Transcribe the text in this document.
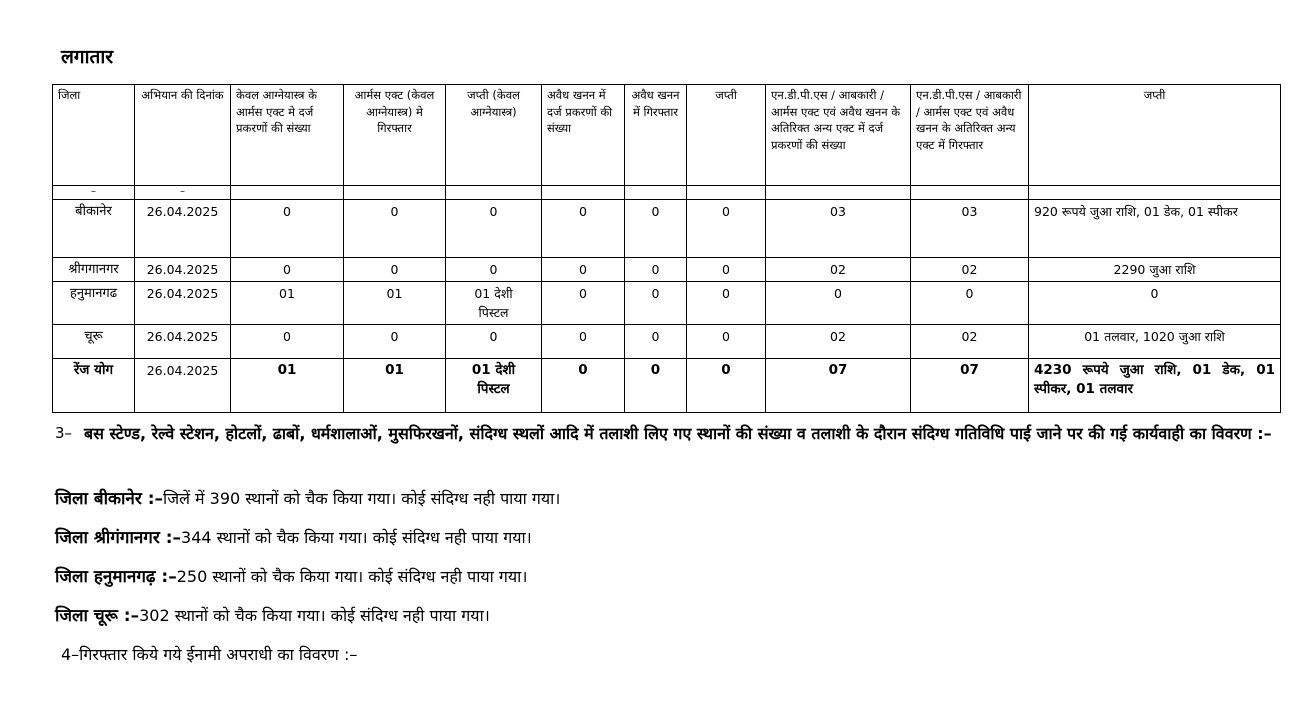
लगातार
जिला	अभियान की दिनांक	केवल आग्नेयास्त्र के आर्मस एक्ट मे दर्ज प्रकरणों की संख्या	आर्मस एक्ट (केवल आग्नेयास्त्र) मे गिरफ्तार	जप्ती (केवल आग्नेयास्त्र)	अवैध खनन में दर्ज प्रकरणों की संख्या	अवैध खनन में गिरफ्तार	जप्ती	एन.डी.पी.एस / आबकारी / आर्मस एक्ट एवं अवैध खनन के अतिरिक्त अन्य एक्ट में दर्ज प्रकरणों की संख्या	एन.डी.पी.एस / आबकारी / आर्मस एक्ट एवं अवैध खनन के अतिरिक्त अन्य एक्ट में गिरफ्तार	जप्ती
–	–									
बीकानेर	26.04.2025	0	0	0	0	0	0	03	03	920 रूपये जुआ राशि, 01 डेक, 01 स्पीकर
श्रीगगानगर	26.04.2025	0	0	0	0	0	0	02	02	2290 जुआ राशि
हनुमानगढ	26.04.2025	01	01	01 देशी पिस्टल	0	0	0	0	0	0
चूरू	26.04.2025	0	0	0	0	0	0	02	02	01 तलवार, 1020 जुआ राशि
रेंज योग	26.04.2025	01	01	01 देशी पिस्टल	0	0	0	07	07	4230 रूपये जुआ राशि, 01 डेक, 01 स्पीकर, 01 तलवार
3– बस स्टेण्ड, रेल्वे स्टेशन, होटलों, ढाबों, धर्मशालाओं, मुसफिरखनों, संदिग्ध स्थलों आदि में तलाशी लिए गए स्थानों की संख्या व तलाशी के दौरान संदिग्ध गतिविधि पाई जाने पर की गई कार्यवाही का विवरण :–
जिला बीकानेर :–जिलें में 390 स्थानों को चैक किया गया। कोई संदिग्ध नही पाया गया।
जिला श्रीगंगानगर :–344 स्थानों को चैक किया गया। कोई संदिग्ध नही पाया गया।
जिला हनुमानगढ़ :–250 स्थानों को चैक किया गया। कोई संदिग्ध नही पाया गया।
जिला चूरू :–302 स्थानों को चैक किया गया। कोई संदिग्ध नही पाया गया।
4–गिरफ्तार किये गये ईनामी अपराधी का विवरण :–
